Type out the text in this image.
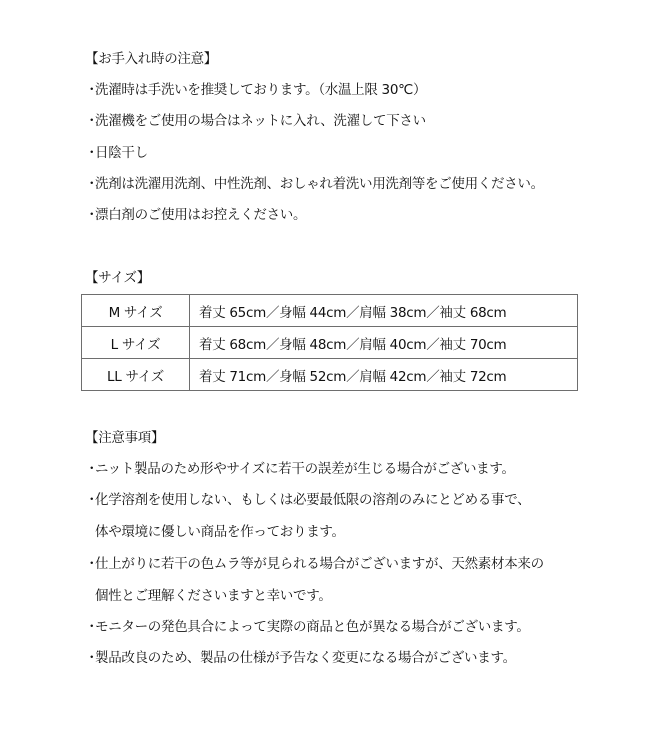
【お手入れ時の注意】
・洗濯時は手洗いを推奨しております。（水温上限 30℃）
・洗濯機をご使用の場合はネットに入れ、洗濯して下さい
・日陰干し
・洗剤は洗濯用洗剤、中性洗剤、おしゃれ着洗い用洗剤等をご使用ください。
・漂白剤のご使用はお控えください。
【サイズ】
M サイズ	着丈 65cm／身幅 44cm／肩幅 38cm／袖丈 68cm
L サイズ	着丈 68cm／身幅 48cm／肩幅 40cm／袖丈 70cm
LL サイズ	着丈 71cm／身幅 52cm／肩幅 42cm／袖丈 72cm
【注意事項】
・ニット製品のため形やサイズに若干の誤差が生じる場合がございます。
・化学溶剤を使用しない、もしくは必要最低限の溶剤のみにとどめる事で、
体や環境に優しい商品を作っております。
・仕上がりに若干の色ムラ等が見られる場合がございますが、天然素材本来の
個性とご理解くださいますと幸いです。
・モニターの発色具合によって実際の商品と色が異なる場合がございます。
・製品改良のため、製品の仕様が予告なく変更になる場合がございます。
